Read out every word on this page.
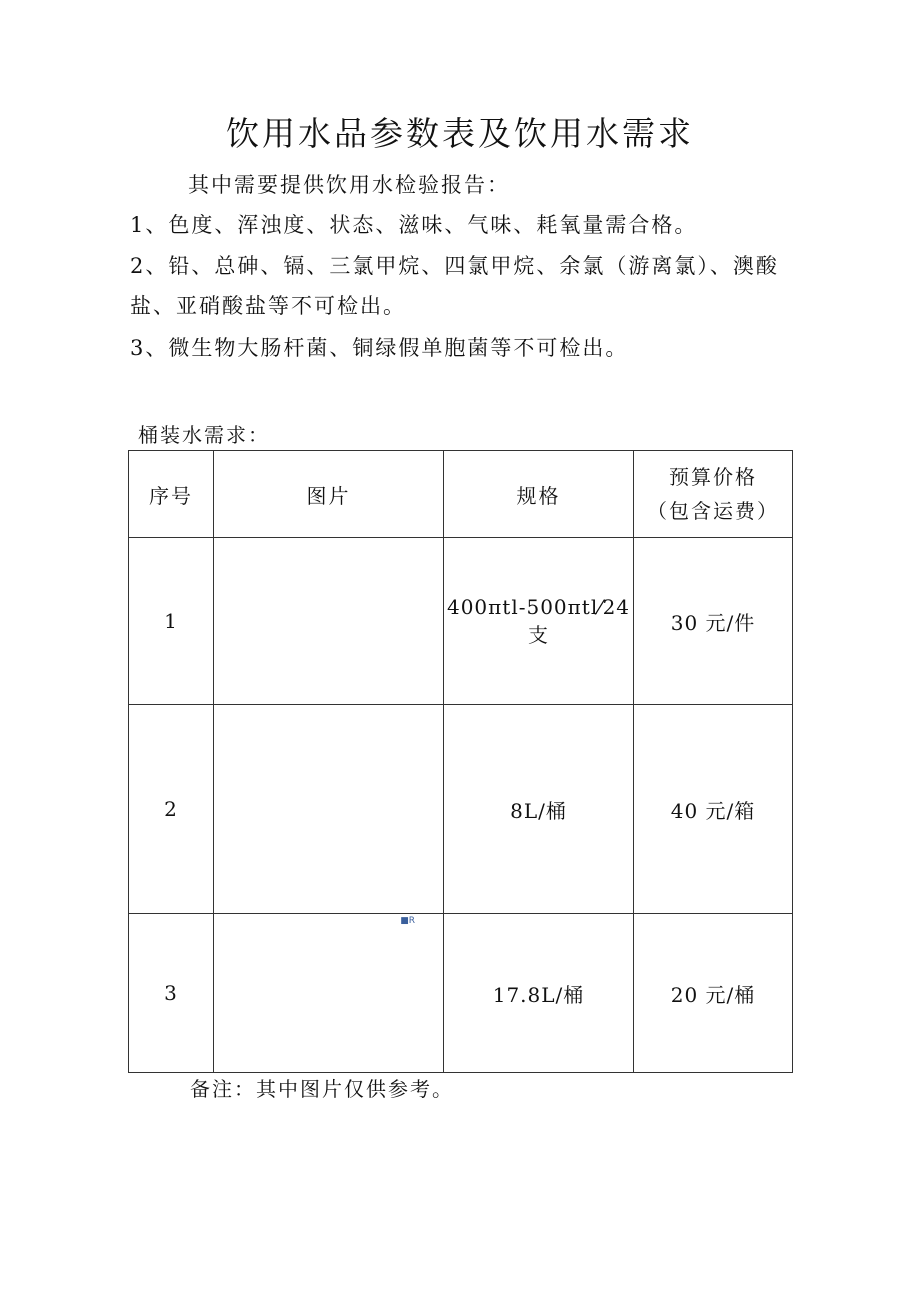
饮用水品参数表及饮用水需求

其中需要提供饮用水检验报告：

1、色度、浑浊度、状态、滋味、气味、耗氧量需合格。

2、铅、总砷、镉、三氯甲烷、四氯甲烷、余氯（游离氯）、澳酸盐、亚硝酸盐等不可检出。

3、微生物大肠杆菌、铜绿假单胞菌等不可检出。

桶装水需求：

序号	图片	规格	预算价格
（包含运费）

1		400πtl-500πtl⁄24 支	30 元/件
2		8L/桶	40 元/箱
3	■R	17.8L/桶	20 元/桶

备注：其中图片仅供参考。
